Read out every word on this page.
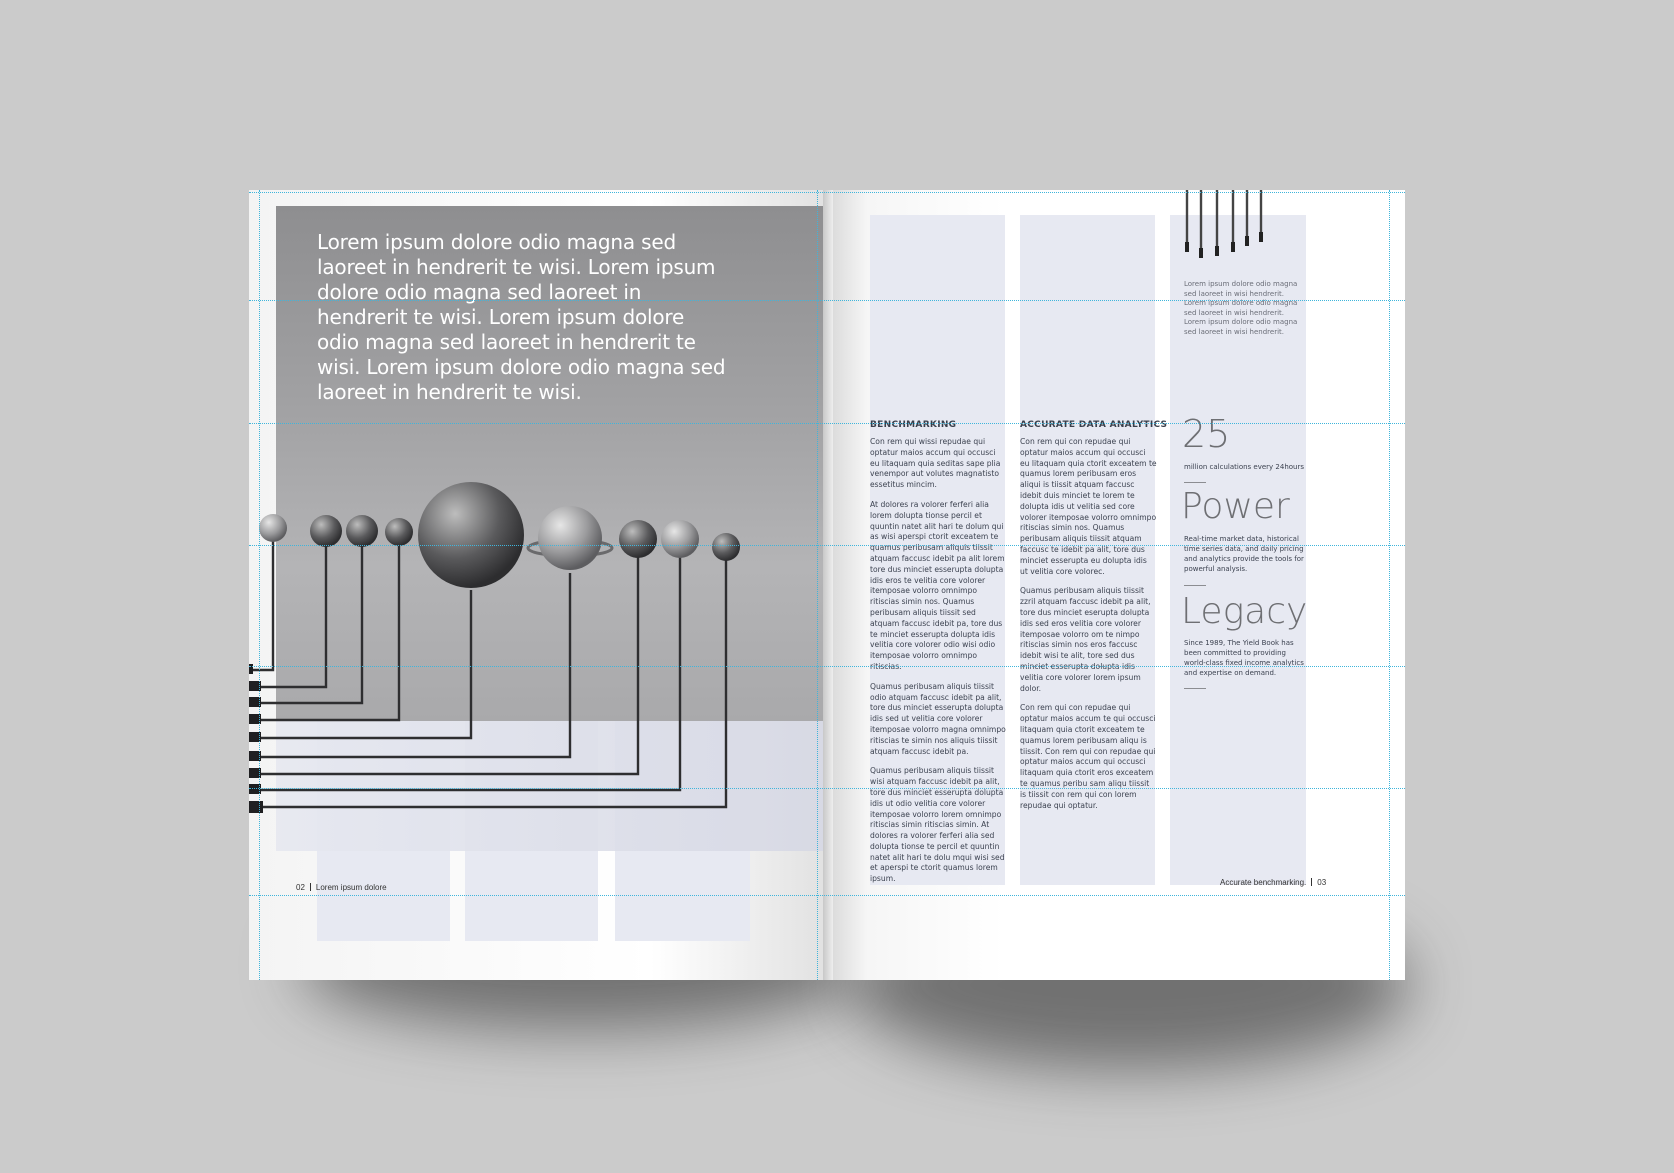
Lorem ipsum dolore odio magna sed laoreet in hendrerit te wisi. Lorem ipsum dolore odio magna sed laoreet in hendrerit te wisi. Lorem ipsum dolore odio magna sed laoreet in hendrerit te wisi. Lorem ipsum dolore odio magna sed laoreet in hendrerit te wisi.
02 Lorem ipsum dolore
Lorem ipsum dolore odio magna sed laoreet in wisi hendrerit. Lorem ipsum dolore odio magna sed laoreet in wisi hendrerit. Lorem ipsum dolore odio magna sed laoreet in wisi hendrerit.
BENCHMARKING

Con rem qui wissi repudae qui optatur maios accum qui occusci eu litaquam quia seditas sape plia venempor aut volutes magnatisto essetitus mincim.

At dolores ra volorer ferferi alia lorem dolupta tionse percil et quuntin natet alit hari te dolum qui as wisi aperspi ctorit exceatem te quamus peribusam aliquis tiissit atquam faccusc idebit pa alit lorem tore dus minciet esserupta dolupta idis eros te velitia core volorer itemposae volorro omnimpo ritiscias simin nos. Quamus peribusam aliquis tiissit sed atquam faccusc idebit pa, tore dus te minciet esserupta dolupta idis velitia core volorer odio wisi odio itemposae volorro omnimpo ritiscias.

Quamus peribusam aliquis tiissit odio atquam faccusc idebit pa alit, tore dus minciet esserupta dolupta idis sed ut velitia core volorer itemposae volorro magna omnimpo ritiscias te simin nos aliquis tiissit atquam faccusc idebit pa.

Quamus peribusam aliquis tiissit wisi atquam faccusc idebit pa alit, tore dus minciet esserupta dolupta idis ut odio velitia core volorer itemposae volorro lorem omnimpo ritiscias simin ritiscias simin. At dolores ra volorer ferferi alia sed dolupta tionse te percil et quuntin natet alit hari te dolu mqui wisi sed et aperspi te ctorit quamus lorem ipsum.

ACCURATE DATA ANALYTICS

Con rem qui con repudae qui optatur maios accum qui occusci eu litaquam quia ctorit exceatem te quamus lorem peribusam eros aliqui is tiissit atquam faccusc idebit duis minciet te lorem te dolupta idis ut velitia sed core volorer itemposae volorro omnimpo ritiscias simin nos. Quamus peribusam aliquis tiissit atquam faccusc te idebit pa alit, tore dus minciet esserupta eu dolupta idis ut velitia core volorec.

Quamus peribusam aliquis tiissit zzril atquam faccusc idebit pa alit, tore dus minciet eserupta dolupta idis sed eros velitia core volorer itemposae volorro om te nimpo ritiscias simin nos eros faccusc idebit wisi te alit, tore sed dus minciet esserupta dolupta idis velitia core volorer lorem ipsum dolor.

Con rem qui con repudae qui optatur maios accum te qui occusci litaquam quia ctorit exceatem te quamus lorem peribusam aliqu is tiissit. Con rem qui con repudae qui optatur maios accum qui occusci litaquam quia ctorit eros exceatem te quamus peribu sam aliqu tiissit is tiissit con rem qui con lorem repudae qui optatur.

25
million calculations every 24hours
Power
Real-time market data, historical time series data, and daily pricing and analytics provide the tools for powerful analysis.
Legacy
Since 1989, The Yield Book has been committed to providing world-class fixed income analytics and expertise on demand.
Accurate benchmarking. 03
